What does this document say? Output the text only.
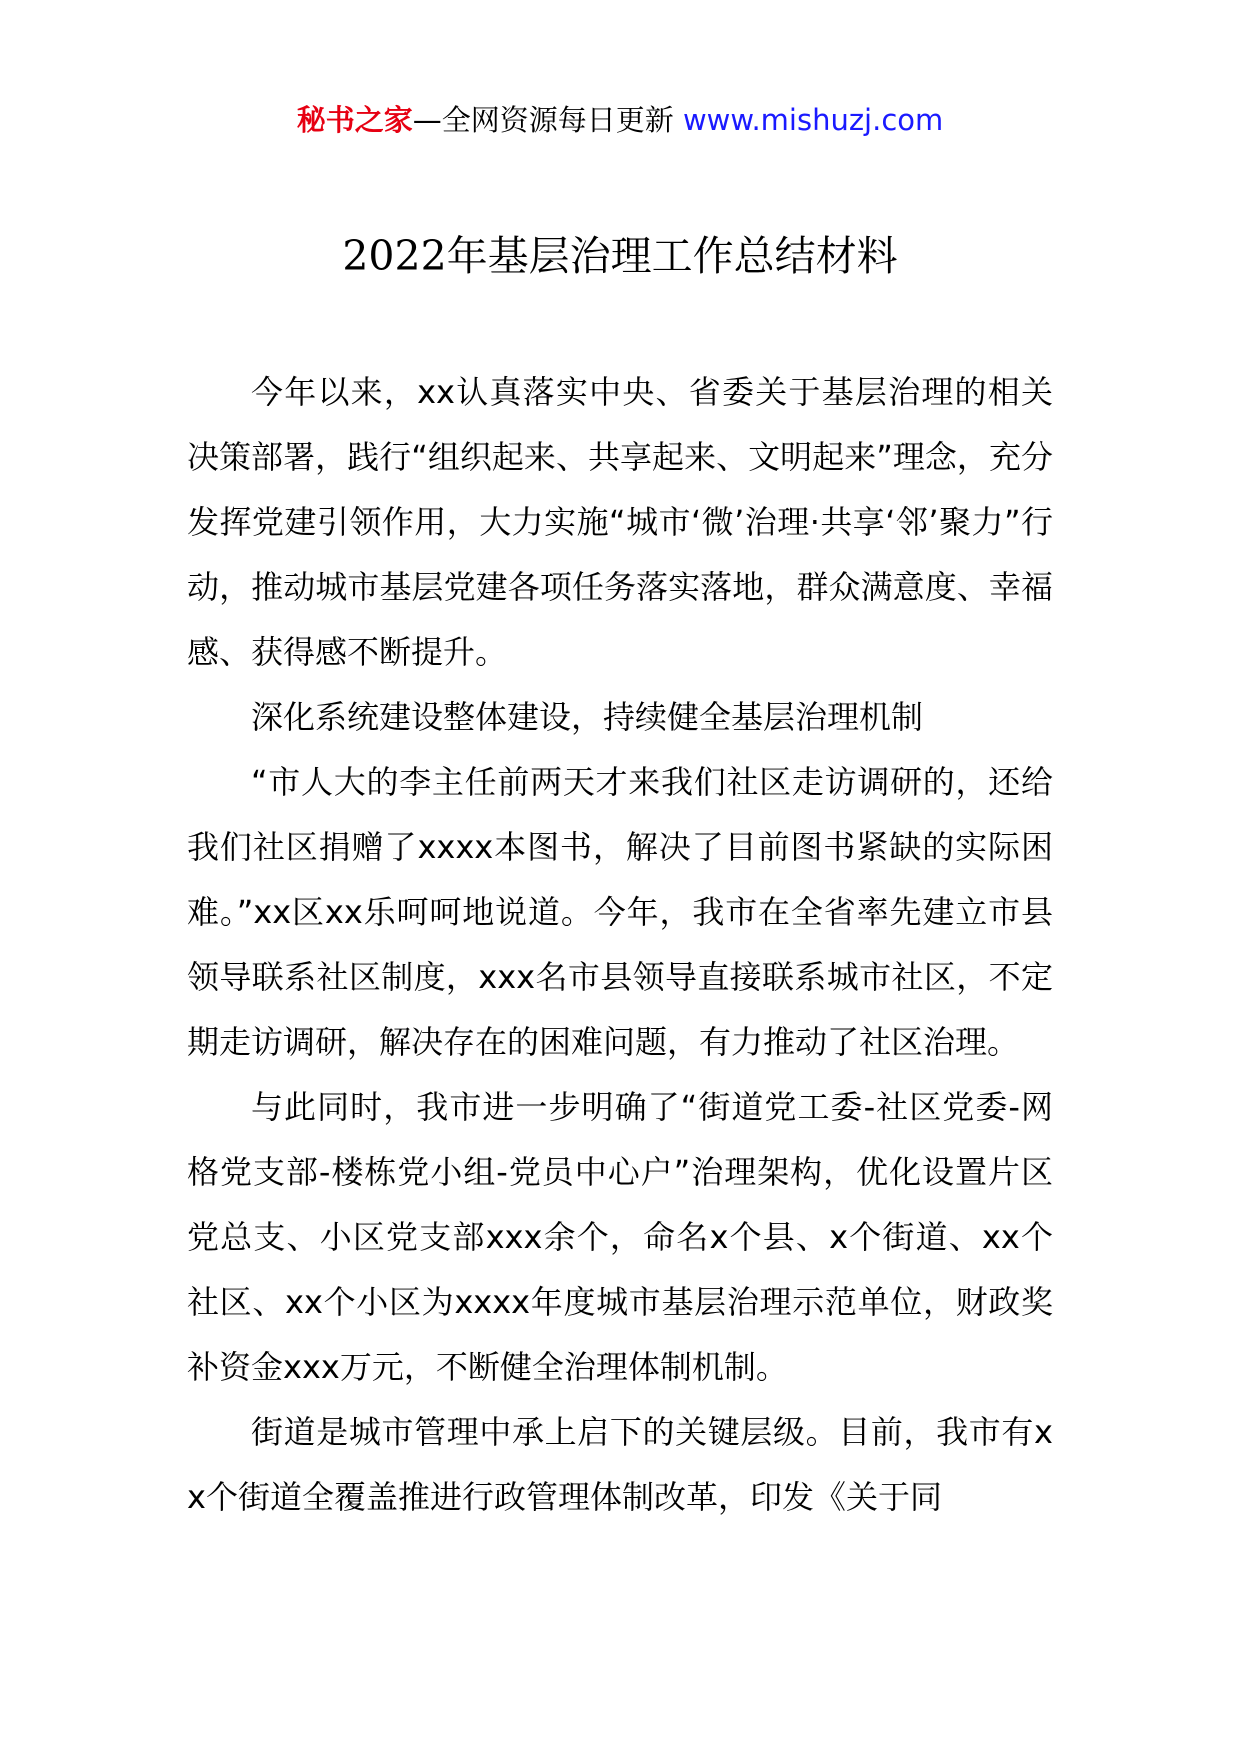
秘书之家—全网资源每日更新 www.mishuzj.com
2022年基层治理工作总结材料

今年以来，xx认真落实中央、省委关于基层治理的相关决策部署，践行“组织起来、共享起来、文明起来”理念，充分发挥党建引领作用，大力实施“城市‘微’治理·共享‘邻’聚力”行动，推动城市基层党建各项任务落实落地，群众满意度、幸福感、获得感不断提升。

深化系统建设整体建设，持续健全基层治理机制

“市人大的李主任前两天才来我们社区走访调研的，还给我们社区捐赠了xxxx本图书，解决了目前图书紧缺的实际困难。”xx区xx乐呵呵地说道。今年，我市在全省率先建立市县领导联系社区制度，xxx名市县领导直接联系城市社区，不定期走访调研，解决存在的困难问题，有力推动了社区治理。

与此同时，我市进一步明确了“街道党工委-社区党委-网格党支部-楼栋党小组-党员中心户”治理架构，优化设置片区党总支、小区党支部xxx余个，命名x个县、x个街道、xx个社区、xx个小区为xxxx年度城市基层治理示范单位，财政奖补资金xxx万元，不断健全治理体制机制。

街道是城市管理中承上启下的关键层级。目前，我市有xx个街道全覆盖推进行政管理体制改革，印发《关于同
